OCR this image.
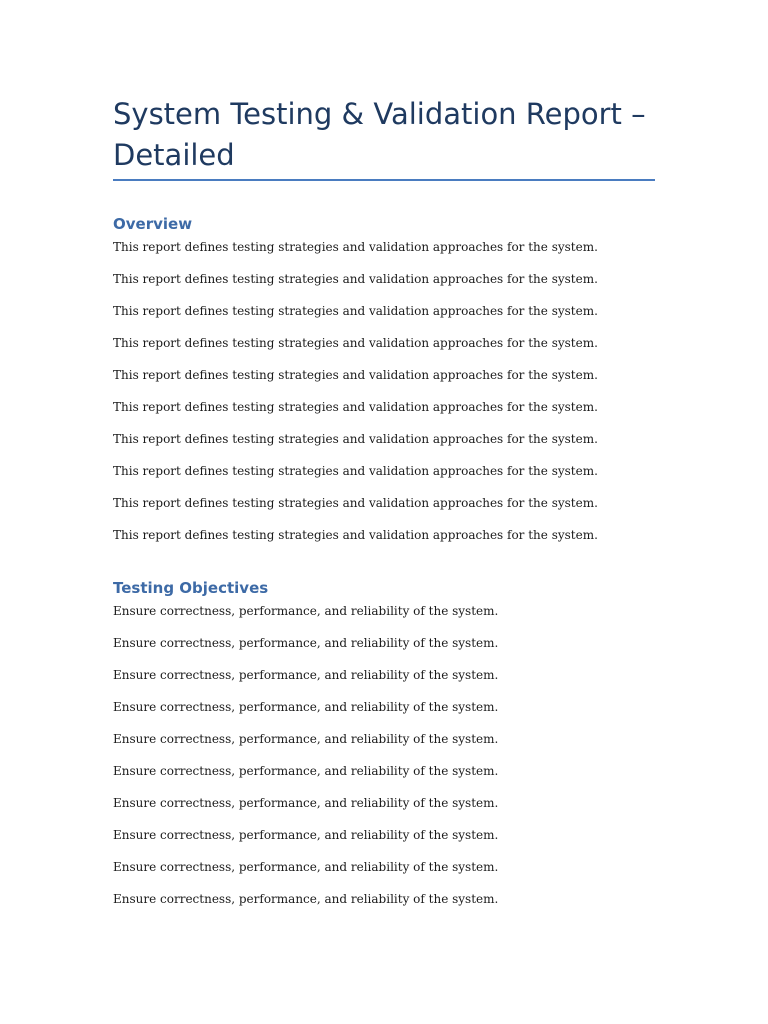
System Testing & Validation Report – Detailed
Overview

This report defines testing strategies and validation approaches for the system.

This report defines testing strategies and validation approaches for the system.

This report defines testing strategies and validation approaches for the system.

This report defines testing strategies and validation approaches for the system.

This report defines testing strategies and validation approaches for the system.

This report defines testing strategies and validation approaches for the system.

This report defines testing strategies and validation approaches for the system.

This report defines testing strategies and validation approaches for the system.

This report defines testing strategies and validation approaches for the system.

This report defines testing strategies and validation approaches for the system.

Testing Objectives

Ensure correctness, performance, and reliability of the system.

Ensure correctness, performance, and reliability of the system.

Ensure correctness, performance, and reliability of the system.

Ensure correctness, performance, and reliability of the system.

Ensure correctness, performance, and reliability of the system.

Ensure correctness, performance, and reliability of the system.

Ensure correctness, performance, and reliability of the system.

Ensure correctness, performance, and reliability of the system.

Ensure correctness, performance, and reliability of the system.

Ensure correctness, performance, and reliability of the system.
